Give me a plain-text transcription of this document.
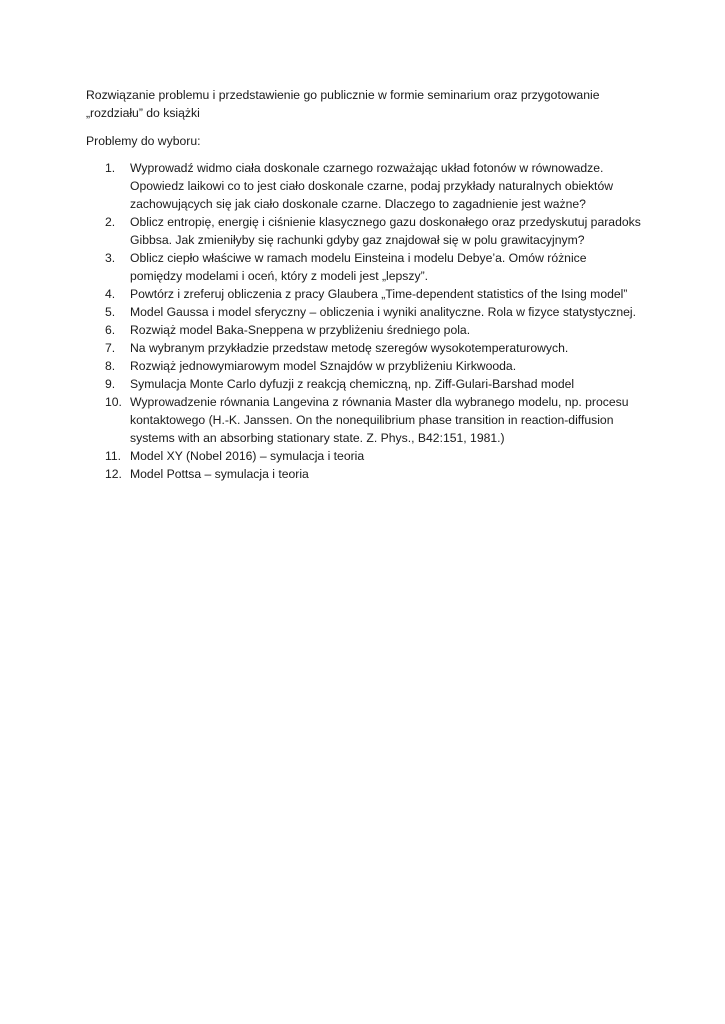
Rozwiązanie problemu i przedstawienie go publicznie w formie seminarium oraz przygotowanie
„rozdziału” do książki

Problemy do wyboru:

1. Wyprowadź widmo ciała doskonale czarnego rozważając układ fotonów w równowadze.
Opowiedz laikowi co to jest ciało doskonale czarne, podaj przykłady naturalnych obiektów
zachowujących się jak ciało doskonale czarne. Dlaczego to zagadnienie jest ważne?
2. Oblicz entropię, energię i ciśnienie klasycznego gazu doskonałego oraz przedyskutuj paradoks
Gibbsa. Jak zmieniłyby się rachunki gdyby gaz znajdował się w polu grawitacyjnym?
3. Oblicz ciepło właściwe w ramach modelu Einsteina i modelu Debye’a. Omów różnice
pomiędzy modelami i oceń, który z modeli jest „lepszy”.
4. Powtórz i zreferuj obliczenia z pracy Glaubera „Time-dependent statistics of the Ising model”
5. Model Gaussa i model sferyczny – obliczenia i wyniki analityczne. Rola w fizyce statystycznej.
6. Rozwiąż model Baka-Sneppena w przybliżeniu średniego pola.
7. Na wybranym przykładzie przedstaw metodę szeregów wysokotemperaturowych.
8. Rozwiąż jednowymiarowym model Sznajdów w przybliżeniu Kirkwooda.
9. Symulacja Monte Carlo dyfuzji z reakcją chemiczną, np. Ziff-Gulari-Barshad model
10. Wyprowadzenie równania Langevina z równania Master dla wybranego modelu, np. procesu
kontaktowego (H.-K. Janssen. On the nonequilibrium phase transition in reaction-diffusion
systems with an absorbing stationary state. Z. Phys., B42:151, 1981.)
11. Model XY (Nobel 2016) – symulacja i teoria
12. Model Pottsa – symulacja i teoria
